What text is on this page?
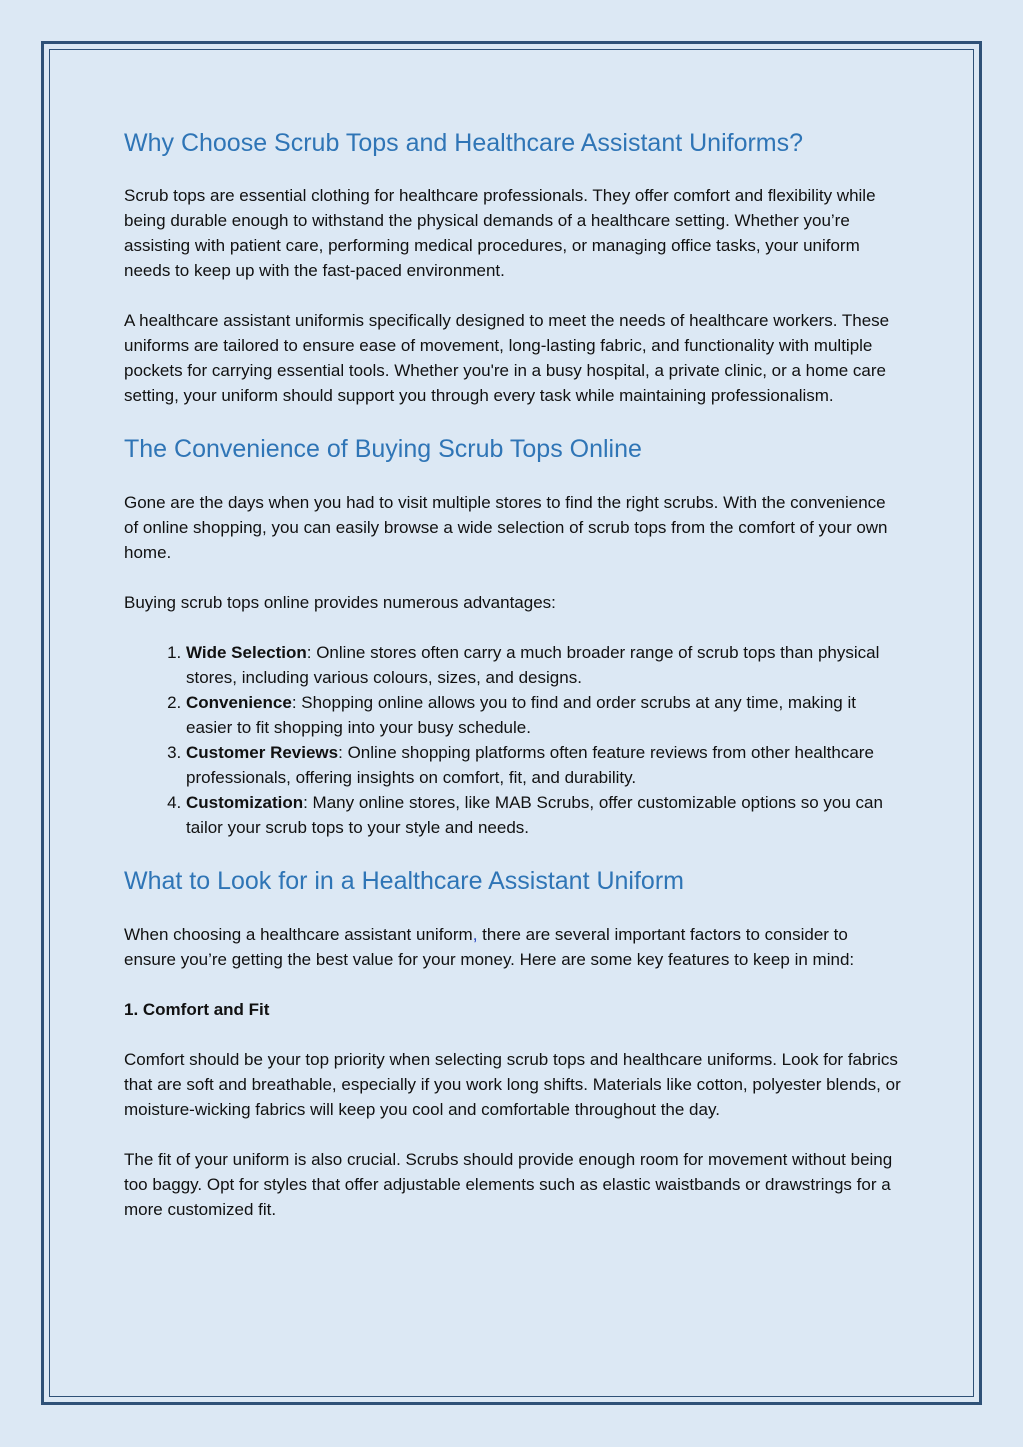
Why Choose Scrub Tops and Healthcare Assistant Uniforms?

Scrub tops are essential clothing for healthcare professionals. They offer comfort and flexibility while being durable enough to withstand the physical demands of a healthcare setting. Whether you’re assisting with patient care, performing medical procedures, or managing office tasks, your uniform needs to keep up with the fast-paced environment.

A healthcare assistant uniformis specifically designed to meet the needs of healthcare workers. These uniforms are tailored to ensure ease of movement, long-lasting fabric, and functionality with multiple pockets for carrying essential tools. Whether you're in a busy hospital, a private clinic, or a home care setting, your uniform should support you through every task while maintaining professionalism.

The Convenience of Buying Scrub Tops Online

Gone are the days when you had to visit multiple stores to find the right scrubs. With the convenience of online shopping, you can easily browse a wide selection of scrub tops from the comfort of your own home.

Buying scrub tops online provides numerous advantages:

1. Wide Selection: Online stores often carry a much broader range of scrub tops than physical stores, including various colours, sizes, and designs.
2. Convenience: Shopping online allows you to find and order scrubs at any time, making it easier to fit shopping into your busy schedule.
3. Customer Reviews: Online shopping platforms often feature reviews from other healthcare professionals, offering insights on comfort, fit, and durability.
4. Customization: Many online stores, like MAB Scrubs, offer customizable options so you can tailor your scrub tops to your style and needs.
What to Look for in a Healthcare Assistant Uniform

When choosing a healthcare assistant uniform, there are several important factors to consider to ensure you’re getting the best value for your money. Here are some key features to keep in mind:

1. Comfort and Fit

Comfort should be your top priority when selecting scrub tops and healthcare uniforms. Look for fabrics that are soft and breathable, especially if you work long shifts. Materials like cotton, polyester blends, or moisture-wicking fabrics will keep you cool and comfortable throughout the day.

The fit of your uniform is also crucial. Scrubs should provide enough room for movement without being too baggy. Opt for styles that offer adjustable elements such as elastic waistbands or drawstrings for a more customized fit.
